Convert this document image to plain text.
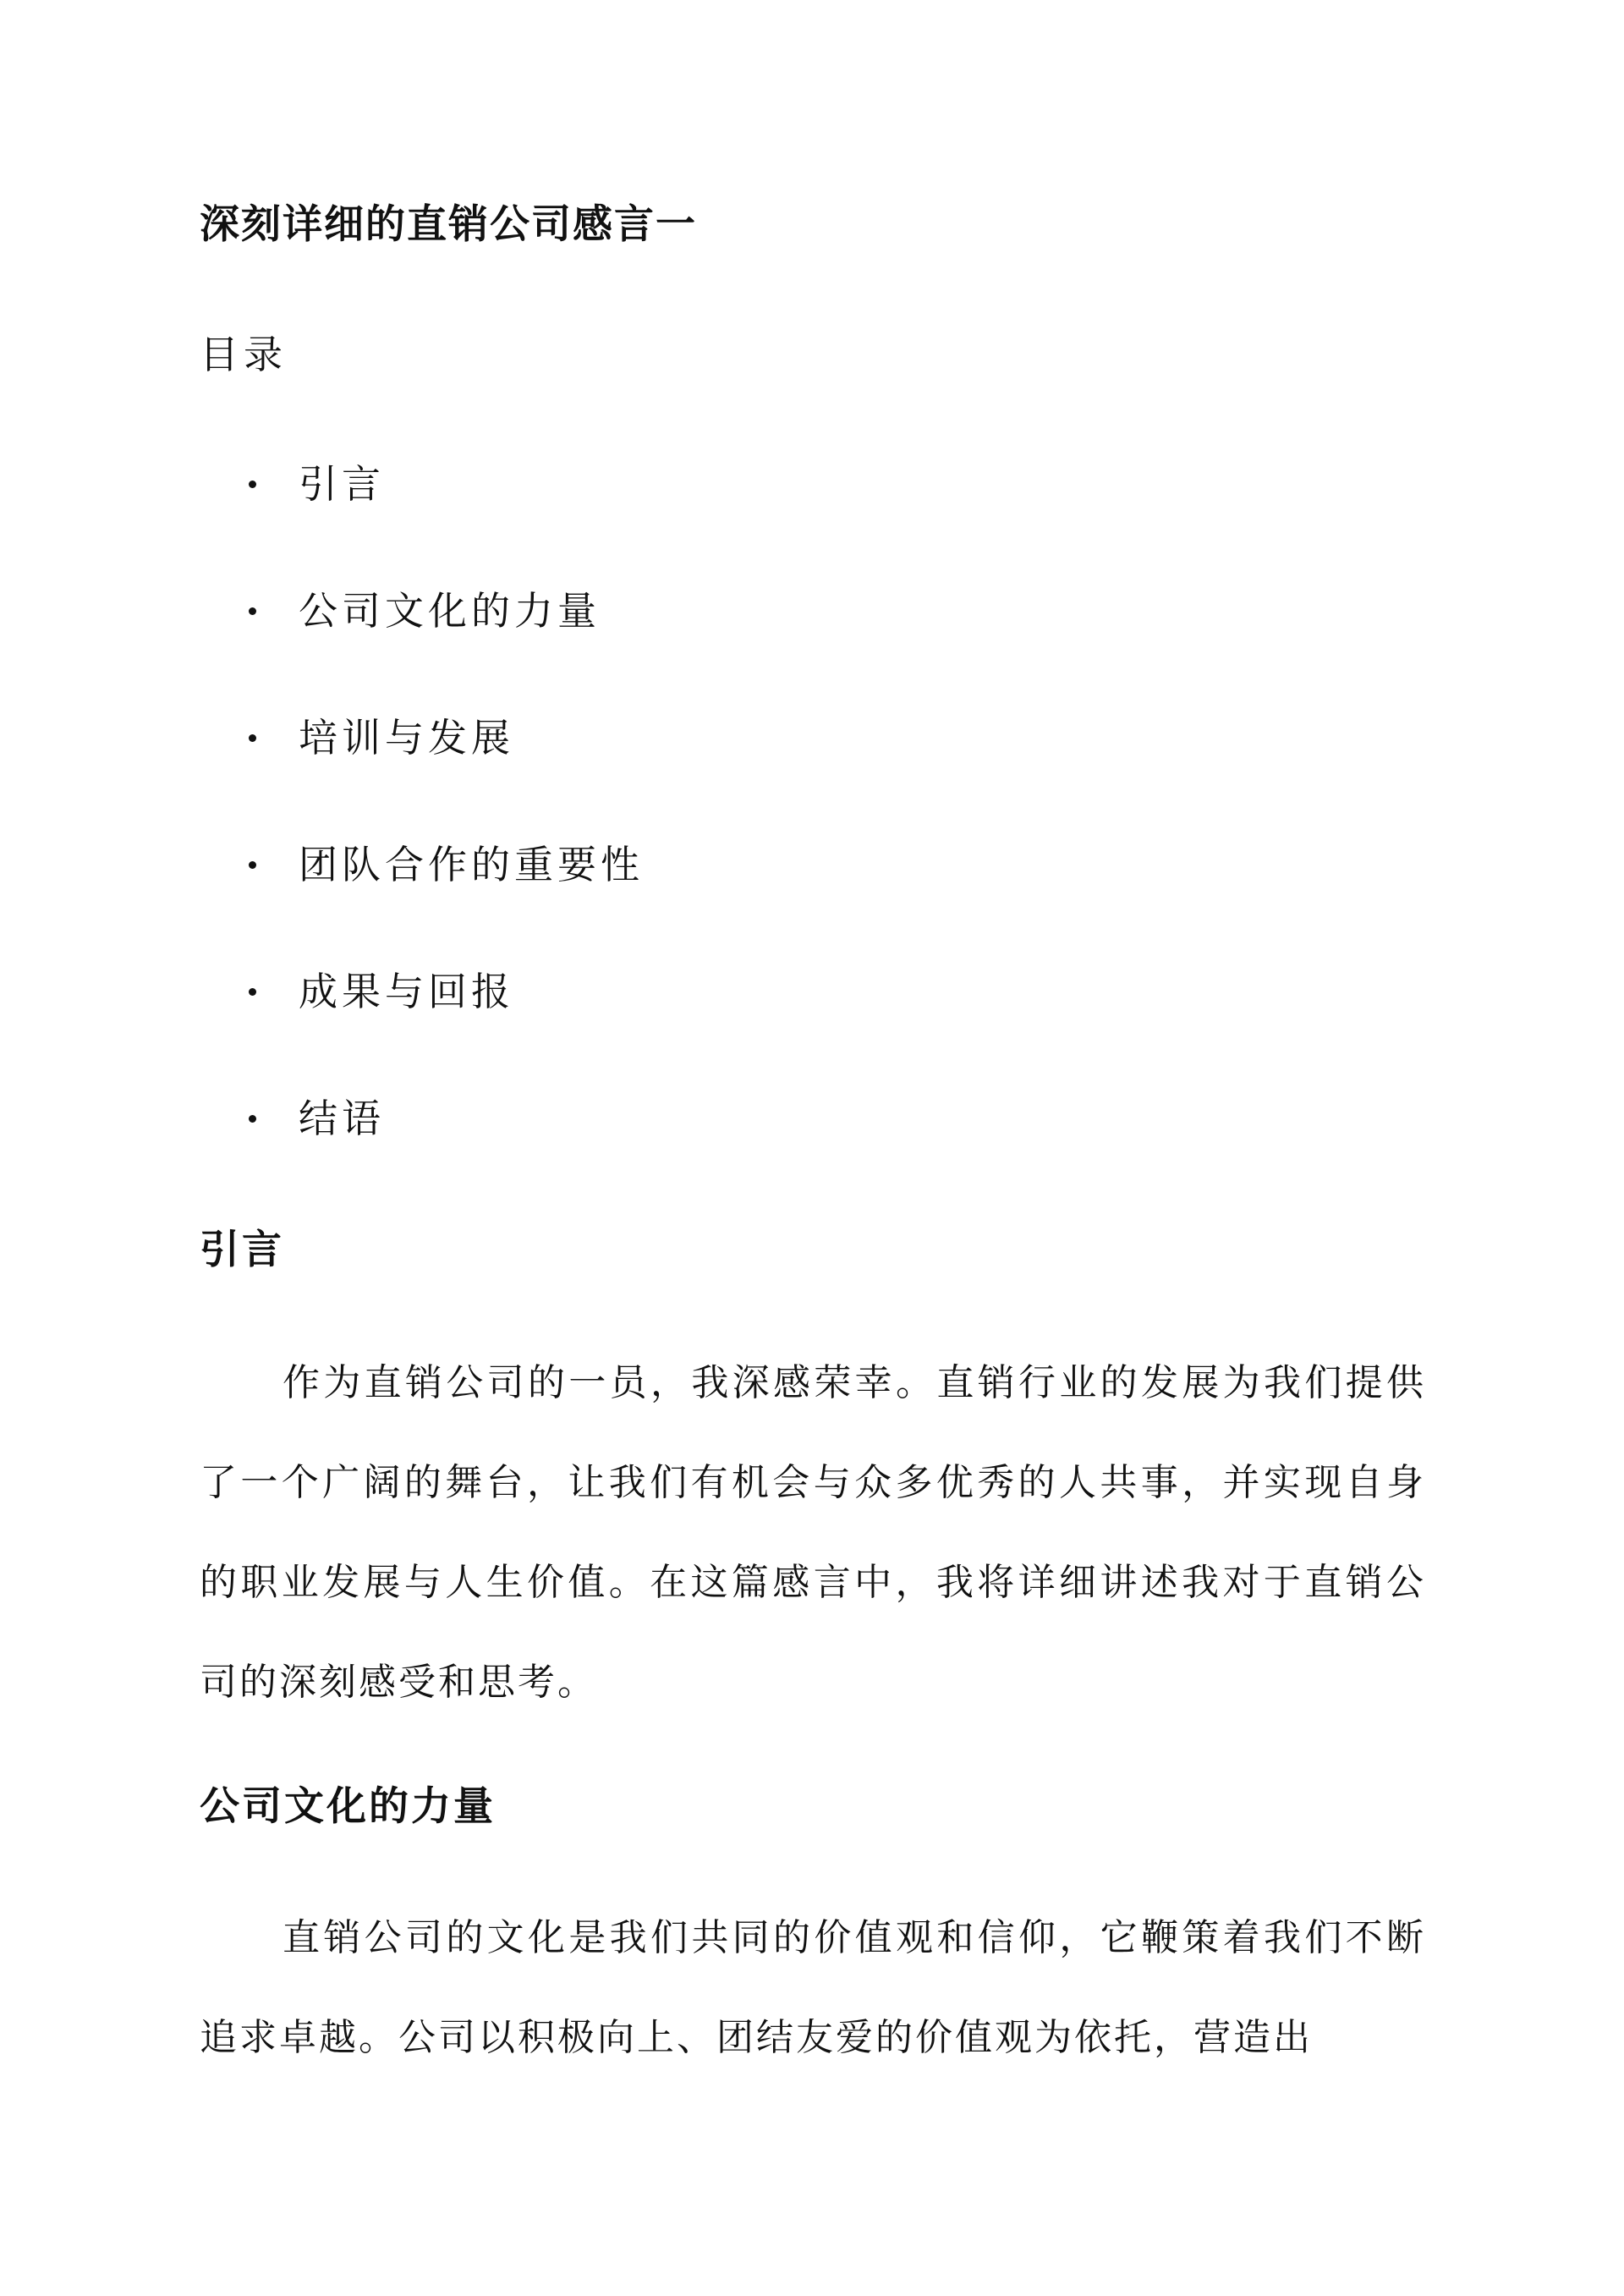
深刻详细的直销公司感言一
目录
引言
公司文化的力量
培训与发展
团队合作的重要性
成果与回报
结语
引言

作为直销公司的一员，我深感荣幸。直销行业的发展为我们提供了一个广阔的舞台，让我们有机会与众多优秀的人共事，并实现自身的职业发展与人生价值。在这篇感言中，我将详细讲述我对于直销公司的深刻感受和思考。

公司文化的力量

直销公司的文化是我们共同的价值观和信仰，它鞭策着我们不断追求卓越。公司以积极向上、团结友爱的价值观为依托，营造出
